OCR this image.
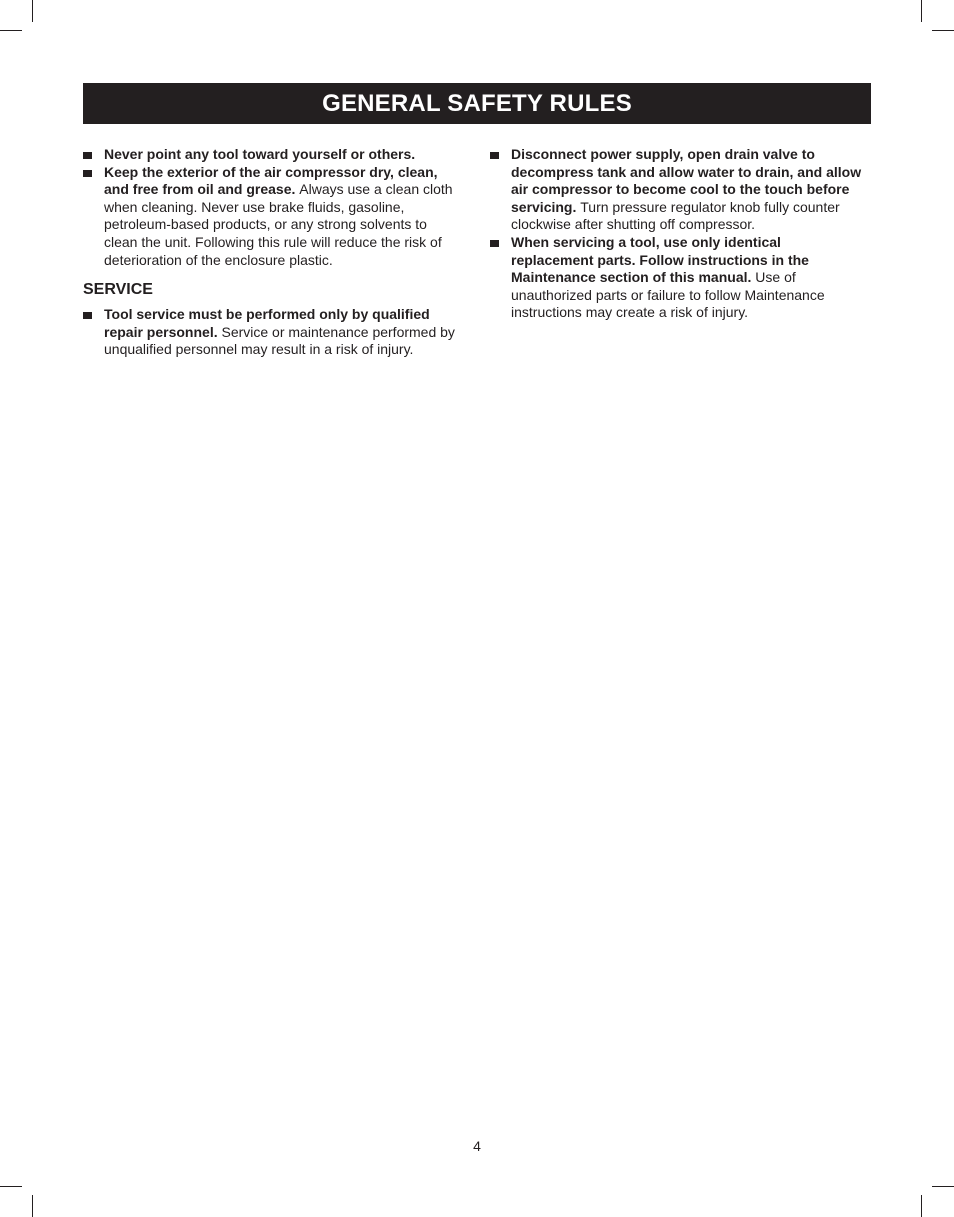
GENERAL SAFETY RULES
Never point any tool toward yourself or others.
Keep the exterior of the air compressor dry, clean, and free from oil and grease. Always use a clean cloth when cleaning. Never use brake fluids, gasoline, petroleum-based products, or any strong solvents to clean the unit. Following this rule will reduce the risk of deterioration of the enclosure plastic.
SERVICE
Tool service must be performed only by qualified repair personnel. Service or maintenance performed by unqualified personnel may result in a risk of injury.
Disconnect power supply, open drain valve to decompress tank and allow water to drain, and allow air compressor to become cool to the touch before servicing. Turn pressure regulator knob fully counter clockwise after shutting off compressor.
When servicing a tool, use only identical replacement parts. Follow instructions in the Maintenance section of this manual. Use of unauthorized parts or failure to follow Maintenance instructions may create a risk of injury.
4
